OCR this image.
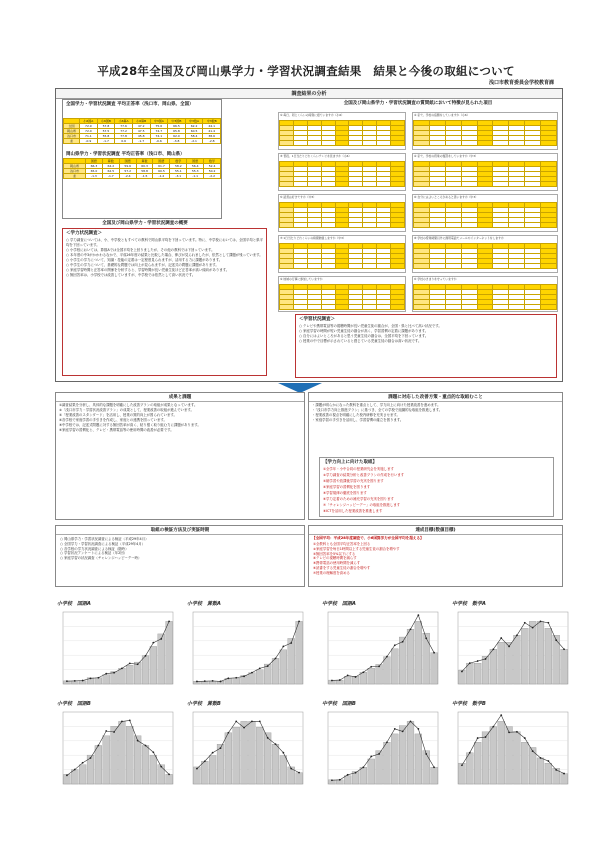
平成28年全国及び岡山県学力・学習状況調査結果　結果と今後の取組について
浅口市教育委員会学校教育課
調査結果の分析
全国学力・学習状況調査 平均正答率（浅口市、岡山県、全国）
	小6国A	小6国B	小6算A	小6算B	中3国A	中3国B	中3数A	中3数B
全国	72.9	57.8	77.6	47.2	75.6	66.5	62.2	44.1
岡山県	72.0	57.5	77.2	47.5	74.7	65.8	60.5	41.4
浅口市	71.1	55.8	77.8	45.8	74.1	62.0	58.4	38.6
差	-0.9	-1.7	0.6	-1.7	-0.6	-3.8	-2.1	-2.8
岡山県学力・学習状況調査 平均正答率（浅口市、岡山県）
	国語	算数	国語	算数	国語	数学	国語	数学
岡山県	66.3	64.2	59.6	60.3	61.7	58.2	56.4	52.4
浅口市	65.0	62.5	57.2	58.8	60.5	55.1	55.3	50.2
差	-1.3	-1.7	-2.4	-1.5	-1.2	-3.1	-1.1	-2.2
全国及び岡山県学力・学習状況調査の概要
＜学力状況調査＞

○ 学力調査については、小、中学校ともすべての教科で岡山県平均を下回っています。特に、中学校においては、全国平均と県平均を下回っています。

○ 小学校においては、算数Aでは全国平均を上回りましたが、その他の教科では下回っています。

○ 本年度の中3がかかわるなかで、平成26年度の結果と比較した場合、伸びが見られましたが、依然として課題が残っています。

○ 小学生の学力について、知識・技能の定着は一定程度見られますが、活用する力に課題があります。

○ 中学生の学力について、基礎的な問題では向上が見られますが、記述式の問題に課題があります。

○ 家庭学習時間と正答率の関係を分析すると、学習時間が長い児童生徒ほど正答率が高い傾向があります。

○ 無回答率は、小学校では改善していますが、中学校では依然として高い状況です。

全国及び岡山県学力・学習状況調査の質問紙において特徴が見られた項目
① 毎日、同じくらいの時刻に寝ていますか（小6）

									② 家で、学校の宿題をしていますか（小6）

③ 普段、1日当たりどれくらいテレビを見ますか（小6）

									④ 家で、学校の授業の復習をしていますか（中3）

⑤ 読書は好きですか（中3）

									⑥ 自分にはよいところがあると思いますか（中3）

⑦ 1日当たりどれくらいの時間勉強しますか（中3）

									⑧ 学校の授業時間以外に携帯電話でメールやインターネットをしますか

⑨ 地域の行事に参加していますか

									⑩ 学校のきまりを守っていますか

＜学習状況調査＞

○ テレビや携帯電話等の視聴時間が長い児童生徒の割合が、全国・県と比べて高い状況です。

○ 家庭学習の時間が短い児童生徒の割合が高く、学習習慣の定着に課題があります。

○ 自分にはよいところがあると思う児童生徒の割合は、全国平均を下回っています。

○ 授業の中で目標が示されていると感じている児童生徒の割合は高い状況です。

成果と課題

①調査結果を分析し、具体的な課題を明確にした改善プランの取組が成果となっています。

②「浅口市学力・学習状況改善プラン」の成果として、授業改善の取組が進んでいます。

③「授業改善のスタンダード」を活用し、授業の質的向上が図られています。

④各学校で家庭学習の手引きを作成し、家庭との連携を図っています。

⑤中学校では、記述式問題に対する無回答率が高く、粘り強く取り組む力に課題があります。

⑥家庭学習の習慣化と、テレビ・携帯電話等の使用時間の改善が必要です。

課題に対応した改善方策・重点的な取組むこと

・課題が明らかになった教科を重点として、学力向上に向けた授業改善を進めます。

・「浅口市学力向上推進プラン」に基づき、全ての学校で組織的な取組を推進します。

・授業改善の視点を明確にした校内研修を充実させます。

・家庭学習の手引きを活用し、学習習慣の確立を図ります。

【学力向上に向けた取組】

①全学年・小中合同の授業研究会を実施します

②学力調査の結果分析と改善プランの作成を行います

③朝学習や放課後学習の充実を図ります

④家庭学習の習慣化を図ります

⑤学習規律の徹底を図ります

⑥学力定着のための補充学習の充実を図ります

⑦「チャレンジハッピーデー」の取組を推進します

⑧ICTを活用した授業改善を推進します

取組の検証方法及び実証時期
○ 岡山県学力・学習状況調査による検証（平成29年4月）
○ 全国学力・学習状況調査による検証（平成29年4月）
○ 各学校の学力状況調査による検証（随時）
○ 学習状況アンケートによる検証（年2回）
○ 家庭学習の状況調査（チャレンジハッピーデー時）
達成目標(数値目標)
【全国平均：平成28年度調査で、小6国算学力が全国平均を超える】
①全教科とも全国平均正答率を上回る
②家庭学習を毎日1時間以上する児童生徒の割合を増やす
③無回答率を5%以下にする
④テレビの視聴時間を減らす
⑤携帯電話の使用時間を減らす
⑥読書をする児童生徒の割合を増やす
⑦授業の理解度を高める
小学校　国語A	小学校　算数A	中学校　国語A	中学校　数学A
小学校　国語B	小学校　算数B	中学校　国語B	中学校　数学B
